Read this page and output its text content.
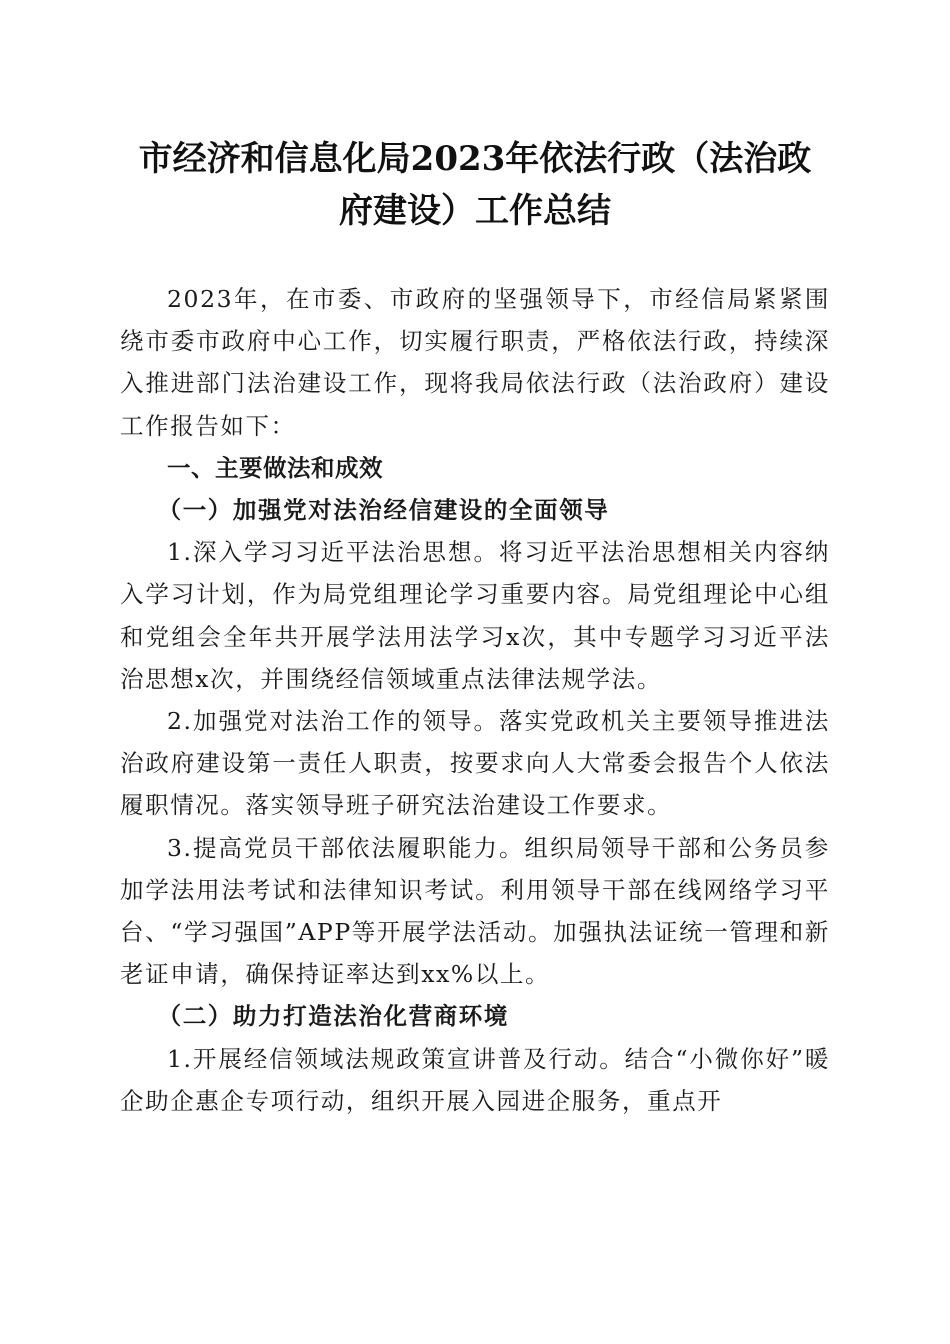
市经济和信息化局2023年依法行政（法治政
府建设）工作总结

2023年，在市委、市政府的坚强领导下，市经信局紧紧围绕市委市政府中心工作，切实履行职责，严格依法行政，持续深入推进部门法治建设工作，现将我局依法行政（法治政府）建设工作报告如下：

一、主要做法和成效

（一）加强党对法治经信建设的全面领导

1.深入学习习近平法治思想。将习近平法治思想相关内容纳入学习计划，作为局党组理论学习重要内容。局党组理论中心组和党组会全年共开展学法用法学习x次，其中专题学习习近平法治思想x次，并围绕经信领域重点法律法规学法。

2.加强党对法治工作的领导。落实党政机关主要领导推进法治政府建设第一责任人职责，按要求向人大常委会报告个人依法履职情况。落实领导班子研究法治建设工作要求。

3.提高党员干部依法履职能力。组织局领导干部和公务员参加学法用法考试和法律知识考试。利用领导干部在线网络学习平台、“学习强国”APP等开展学法活动。加强执法证统一管理和新老证申请，确保持证率达到xx%以上。

（二）助力打造法治化营商环境

1.开展经信领域法规政策宣讲普及行动。结合“小微你好”暖企助企惠企专项行动，组织开展入园进企服务，重点开
